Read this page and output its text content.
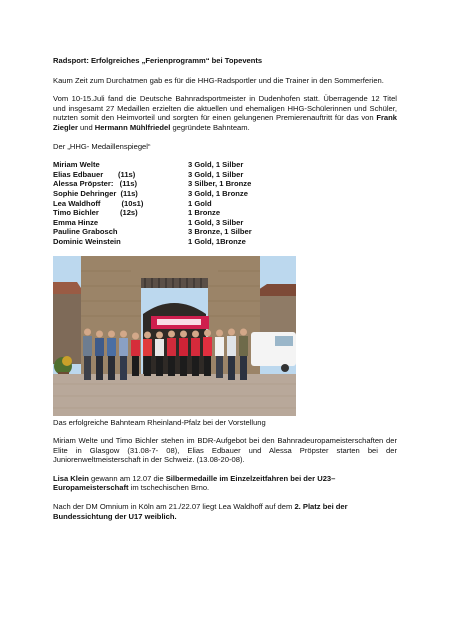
Radsport: Erfolgreiches „Ferienprogramm“ bei Topevents

Kaum Zeit zum Durchatmen gab es für die HHG-Radsportler und die Trainer in den Sommerferien.

Vom 10-15.Juli fand die Deutsche Bahnradsportmeister in Dudenhofen statt. Überragende 12 Titel und insgesamt 27 Medaillen erzielten die aktuellen und ehemaligen HHG-Schülerinnen und Schüler, nutzten somit den Heimvorteil und sorgten für einen gelungenen Premierenauftritt für das von Frank Ziegler und Hermann Mühlfriedel gegründete Bahnteam.

Der „HHG- Medaillenspiegel“

Miriam Welte	3 Gold, 1 Silber
Elias Edbauer       (11s)	3 Gold, 1 Silber
Alessa Pröpster:   (11s)	3 Silber, 1 Bronze
Sophie Dehringer  (11s)	3 Gold, 1 Bronze
Lea Waldhoff          (10s1)	1 Gold
Timo Bichler          (12s)	1 Bronze
Emma Hinze	1 Gold, 3 Silber
Pauline Grabosch	3 Bronze, 1 Silber
Dominic Weinstein	1 Gold, 1Bronze

Das erfolgreiche Bahnteam Rheinland-Pfalz bei der Vorstellung

Miriam Welte und Timo Bichler stehen im BDR-Aufgebot bei den Bahnradeuropameisterschaften der Elite in Glasgow (31.08-7- 08), Elias Edbauer und Alessa Pröpster starten bei der Juniorenweltmeisterschaft in der Schweiz. (13.08-20-08).

Lisa Klein gewann am 12.07 die Silbermedaille im Einzelzeitfahren bei der U23–Europameisterschaft im tschechischen Brno.

Nach der DM Omnium in Köln am 21./22.07 liegt Lea Waldhoff auf dem 2. Platz bei der Bundessichtung der U17 weiblich.
